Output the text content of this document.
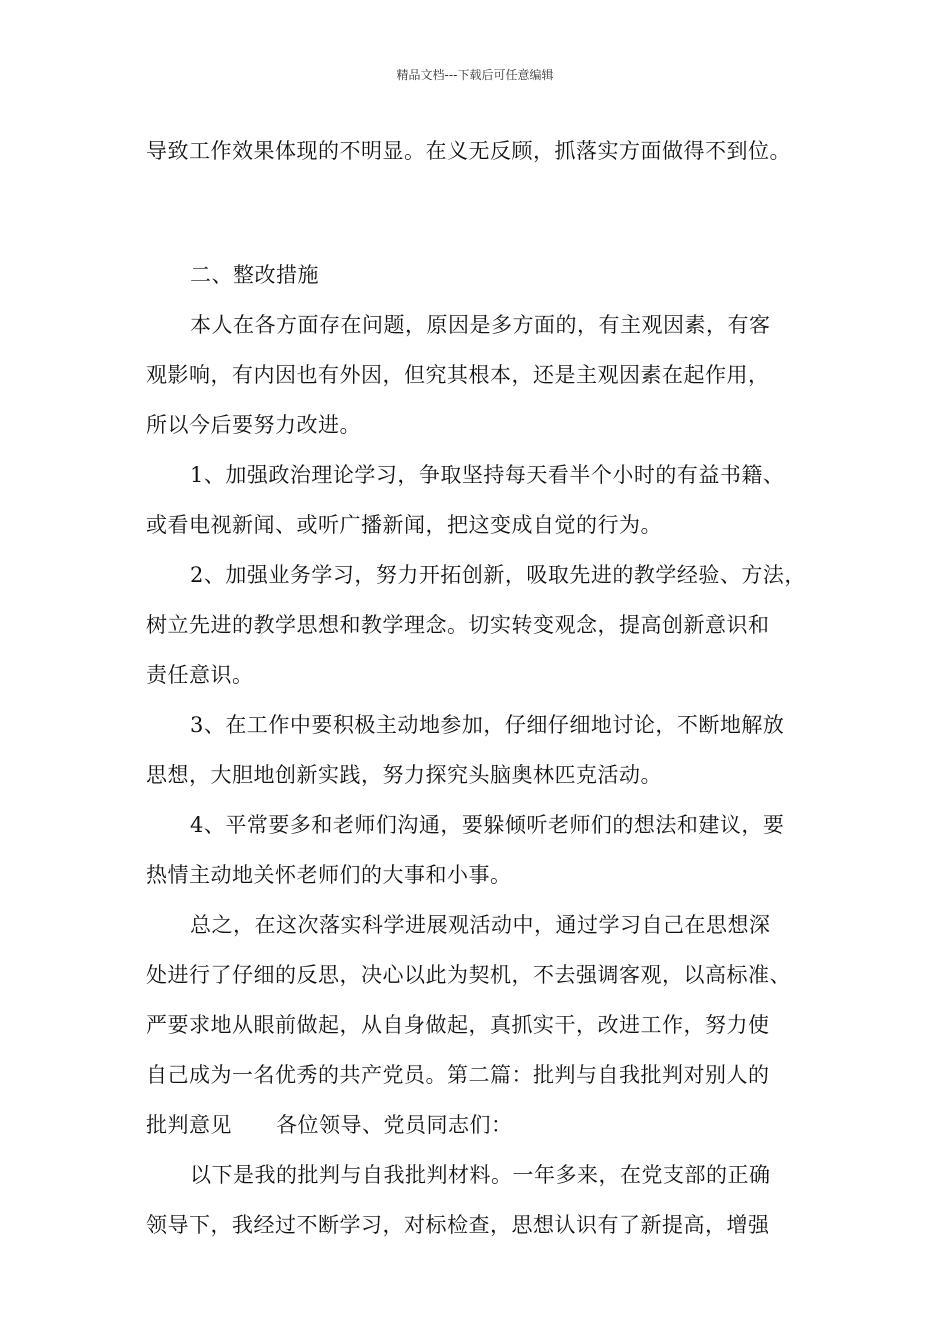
精品文档---下载后可任意编辑
导致工作效果体现的不明显。在义无反顾，抓落实方面做得不到位。
二、整改措施
本人在各方面存在问题，原因是多方面的，有主观因素，有客
观影响，有内因也有外因，但究其根本，还是主观因素在起作用，
所以今后要努力改进。
1、加强政治理论学习，争取坚持每天看半个小时的有益书籍、
或看电视新闻、或听广播新闻，把这变成自觉的行为。
2、加强业务学习，努力开拓创新，吸取先进的教学经验、方法，
树立先进的教学思想和教学理念。切实转变观念，提高创新意识和
责任意识。
3、在工作中要积极主动地参加，仔细仔细地讨论，不断地解放
思想，大胆地创新实践，努力探究头脑奥林匹克活动。
4、平常要多和老师们沟通，要躲倾听老师们的想法和建议，要
热情主动地关怀老师们的大事和小事。
总之，在这次落实科学进展观活动中，通过学习自己在思想深
处进行了仔细的反思，决心以此为契机，不去强调客观，以高标准、
严要求地从眼前做起，从自身做起，真抓实干，改进工作，努力使
自己成为一名优秀的共产党员。第二篇：批判与自我批判对别人的
批判意见 各位领导、党员同志们：
以下是我的批判与自我批判材料。一年多来，在党支部的正确
领导下，我经过不断学习，对标检查，思想认识有了新提高，增强
